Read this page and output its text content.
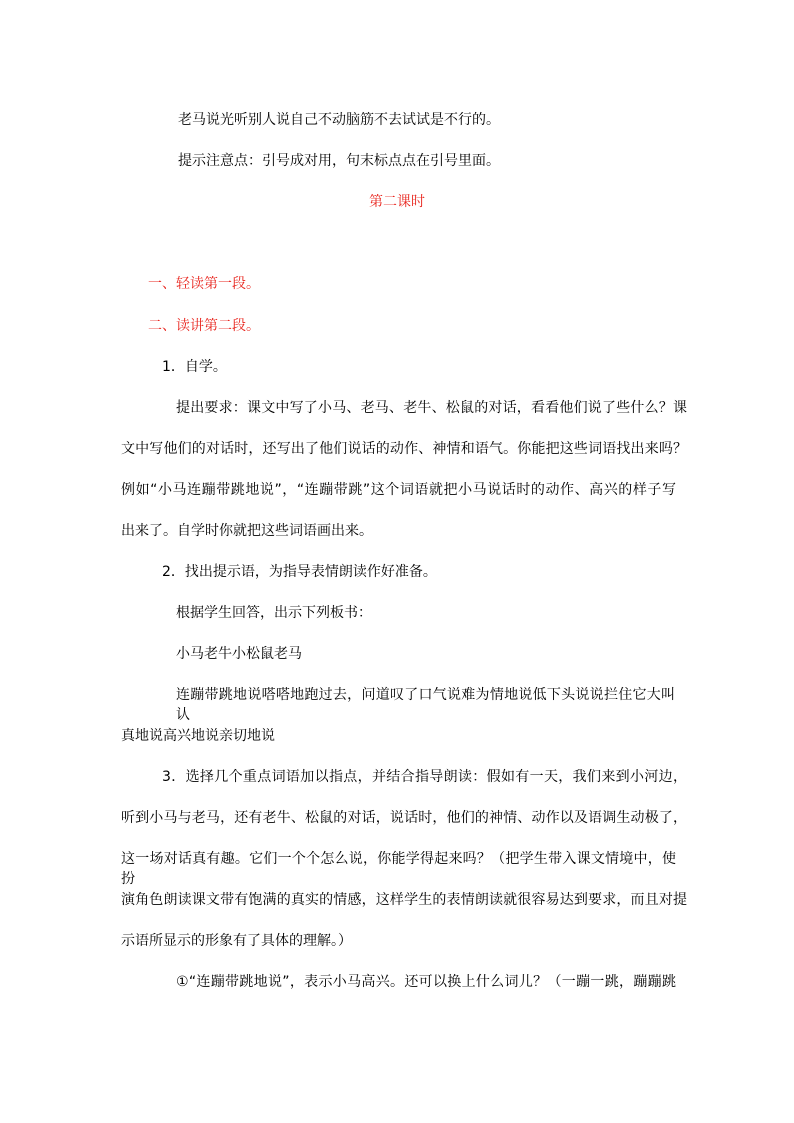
老马说光听别人说自己不动脑筋不去试试是不行的。
提示注意点：引号成对用，句末标点点在引号里面。
第二课时
一、轻读第一段。
二、读讲第二段。
1．自学。
提出要求：课文中写了小马、老马、老牛、松鼠的对话，看看他们说了些什么？课
文中写他们的对话时，还写出了他们说话的动作、神情和语气。你能把这些词语找出来吗？
例如“小马连蹦带跳地说”，“连蹦带跳”这个词语就把小马说话时的动作、高兴的样子写
出来了。自学时你就把这些词语画出来。
2．找出提示语，为指导表情朗读作好准备。
根据学生回答，出示下列板书：
小马老牛小松鼠老马
连蹦带跳地说嗒嗒地跑过去，问道叹了口气说难为情地说低下头说说拦住它大叫认
真地说高兴地说亲切地说
3．选择几个重点词语加以指点，并结合指导朗读：假如有一天，我们来到小河边，
听到小马与老马，还有老牛、松鼠的对话，说话时，他们的神情、动作以及语调生动极了，
这一场对话真有趣。它们一个个怎么说，你能学得起来吗？（把学生带入课文情境中，使扮
演角色朗读课文带有饱满的真实的情感，这样学生的表情朗读就很容易达到要求，而且对提
示语所显示的形象有了具体的理解。）
①“连蹦带跳地说”，表示小马高兴。还可以换上什么词儿？（一蹦一跳，蹦蹦跳
